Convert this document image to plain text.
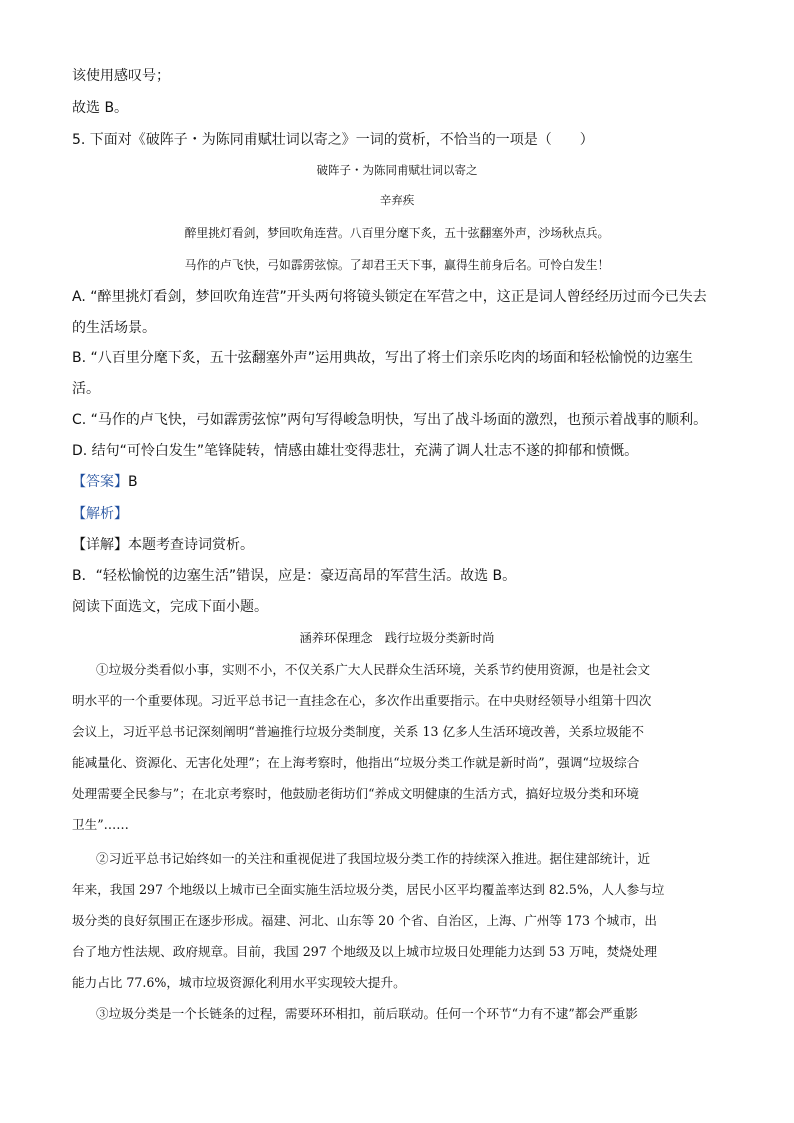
该使用感叹号；
故选 B。
5. 下面对《破阵子・为陈同甫赋壮词以寄之》一词的赏析，不恰当的一项是（　　）
破阵子・为陈同甫赋壮词以寄之
辛弃疾
醉里挑灯看剑，梦回吹角连营。八百里分麾下炙，五十弦翻塞外声，沙场秋点兵。
马作的卢飞快，弓如霹雳弦惊。了却君王天下事，赢得生前身后名。可怜白发生！
A. “醉里挑灯看剑，梦回吹角连营”开头两句将镜头锁定在军营之中，这正是词人曾经经历过而今已失去
的生活场景。
B. “八百里分麾下炙，五十弦翻塞外声”运用典故，写出了将士们亲乐吃肉的场面和轻松愉悦的边塞生
活。
C. “马作的卢飞快，弓如霹雳弦惊”两句写得峻急明快，写出了战斗场面的激烈，也预示着战事的顺利。
D. 结句“可怜白发生”笔锋陡转，情感由雄壮变得悲壮，充满了调人壮志不遂的抑郁和愤慨。
【答案】B
【解析】
【详解】本题考查诗词赏析。
B．“轻松愉悦的边塞生活”错误，应是：豪迈高昂的军营生活。故选 B。
阅读下面选文，完成下面小题。
涵养环保理念　践行垃圾分类新时尚
①垃圾分类看似小事，实则不小，不仅关系广大人民群众生活环境，关系节约使用资源，也是社会文
明水平的一个重要体现。习近平总书记一直挂念在心，多次作出重要指示。在中央财经领导小组第十四次
会议上，习近平总书记深刻阐明“普遍推行垃圾分类制度，关系 13 亿多人生活环境改善，关系垃圾能不
能减量化、资源化、无害化处理”；在上海考察时，他指出“垃圾分类工作就是新时尚”，强调“垃圾综合
处理需要全民参与”；在北京考察时，他鼓励老街坊们“养成文明健康的生活方式，搞好垃圾分类和环境
卫生”……
②习近平总书记始终如一的关注和重视促进了我国垃圾分类工作的持续深入推进。据住建部统计，近
年来，我国 297 个地级以上城市已全面实施生活垃圾分类，居民小区平均覆盖率达到 82.5%，人人参与垃
圾分类的良好氛围正在逐步形成。福建、河北、山东等 20 个省、自治区，上海、广州等 173 个城市，出
台了地方性法规、政府规章。目前，我国 297 个地级及以上城市垃圾日处理能力达到 53 万吨，焚烧处理
能力占比 77.6%，城市垃圾资源化利用水平实现较大提升。
③垃圾分类是一个长链条的过程，需要环环相扣，前后联动。任何一个环节“力有不逮”都会严重影
